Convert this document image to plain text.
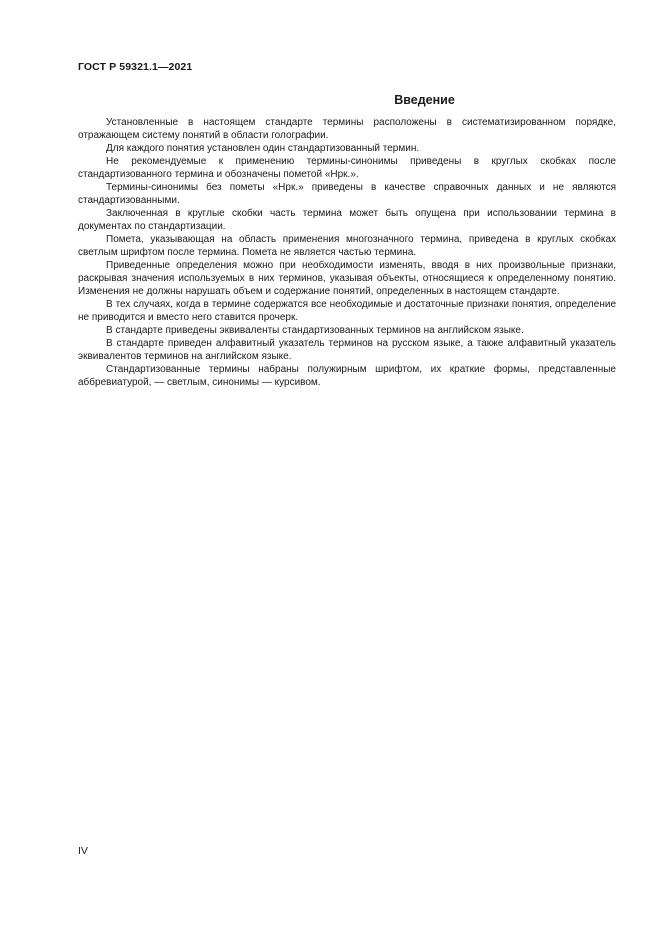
ГОСТ Р 59321.1—2021
Введение

Установленные в настоящем стандарте термины расположены в систематизированном порядке, отражающем систему понятий в области голографии.

Для каждого понятия установлен один стандартизованный термин.

Не рекомендуемые к применению термины-синонимы приведены в круглых скобках после стандартизованного термина и обозначены пометой «Нрк.».

Термины-синонимы без пометы «Нрк.» приведены в качестве справочных данных и не являются стандартизованными.

Заключенная в круглые скобки часть термина может быть опущена при использовании термина в документах по стандартизации.

Помета, указывающая на область применения многозначного термина, приведена в круглых скобках светлым шрифтом после термина. Помета не является частью термина.

Приведенные определения можно при необходимости изменять, вводя в них произвольные признаки, раскрывая значения используемых в них терминов, указывая объекты, относящиеся к определенному понятию. Изменения не должны нарушать объем и содержание понятий, определенных в настоящем стандарте.

В тех случаях, когда в термине содержатся все необходимые и достаточные признаки понятия, определение не приводится и вместо него ставится прочерк.

В стандарте приведены эквиваленты стандартизованных терминов на английском языке.

В стандарте приведен алфавитный указатель терминов на русском языке, а также алфавитный указатель эквивалентов терминов на английском языке.

Стандартизованные термины набраны полужирным шрифтом, их краткие формы, представленные аббревиатурой, — светлым, синонимы — курсивом.

IV
